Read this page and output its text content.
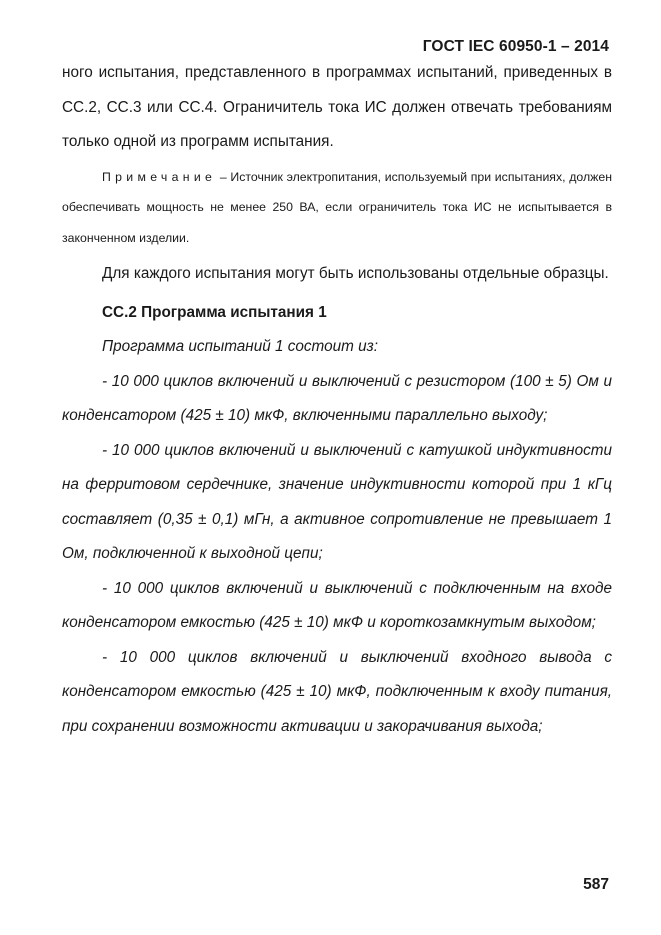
ГОСТ IEC 60950-1 – 2014

ного испытания, представленного в программах испытаний, приведенных в СС.2, СС.3 или СС.4. Ограничитель тока ИС должен отвечать требованиям только одной из программ испытания.

Примечание – Источник электропитания, используемый при испытаниях, должен обеспечивать мощность не менее 250 ВА, если ограничитель тока ИС не испытывается в законченном изделии.

Для каждого испытания могут быть использованы отдельные образцы.

СС.2 Программа испытания 1

Программа испытаний 1 состоит из:

- 10 000 циклов включений и выключений с резистором (100 ± 5) Ом и конденсатором (425 ± 10) мкФ, включенными параллельно выходу;

- 10 000 циклов включений и выключений с катушкой индуктивности на ферритовом сердечнике, значение индуктивности которой при 1 кГц составляет (0,35 ± 0,1) мГн, а активное сопротивление не превышает 1 Ом, подключенной к выходной цепи;

- 10 000 циклов включений и выключений с подключенным на входе конденсатором емкостью (425 ± 10) мкФ и короткозамкнутым выходом;

- 10 000 циклов включений и выключений входного вывода с конденсатором емкостью (425 ± 10) мкФ, подключенным к входу питания, при сохранении возможности активации и закорачивания выхода;

587
